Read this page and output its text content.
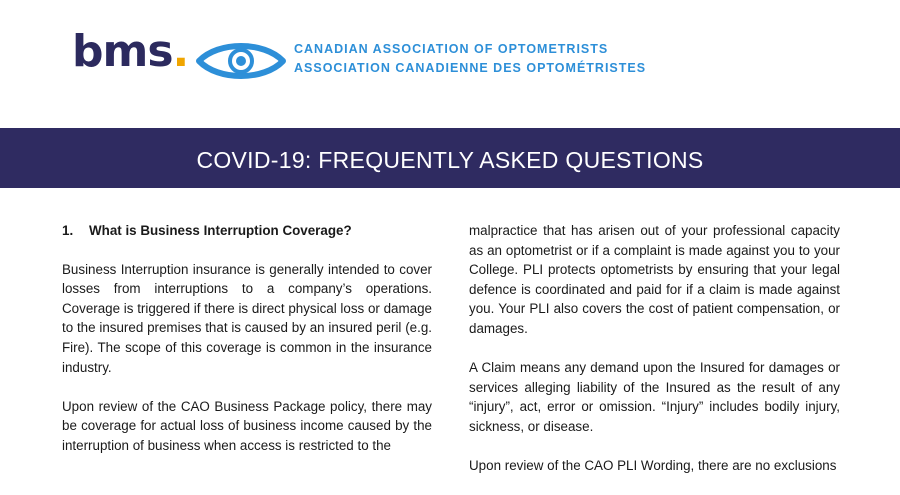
bms.	CANADIAN ASSOCIATION OF OPTOMETRISTS
ASSOCIATION CANADIENNE DES OPTOMÉTRISTES
COVID-19: FREQUENTLY ASKED QUESTIONS
1. What is Business Interruption Coverage?

Business Interruption insurance is generally intended to cover losses from interruptions to a company’s operations. Coverage is triggered if there is direct physical loss or damage to the insured premises that is caused by an insured peril (e.g. Fire). The scope of this coverage is common in the insurance industry.

Upon review of the CAO Business Package policy, there may be coverage for actual loss of business income caused by the interruption of business when access is restricted to the

malpractice that has arisen out of your professional capacity as an optometrist or if a complaint is made against you to your College. PLI protects optometrists by ensuring that your legal defence is coordinated and paid for if a claim is made against you. Your PLI also covers the cost of patient compensation, or damages.

A Claim means any demand upon the Insured for damages or services alleging liability of the Insured as the result of any “injury”, act, error or omission. “Injury” includes bodily injury, sickness, or disease.

Upon review of the CAO PLI Wording, there are no exclusions
